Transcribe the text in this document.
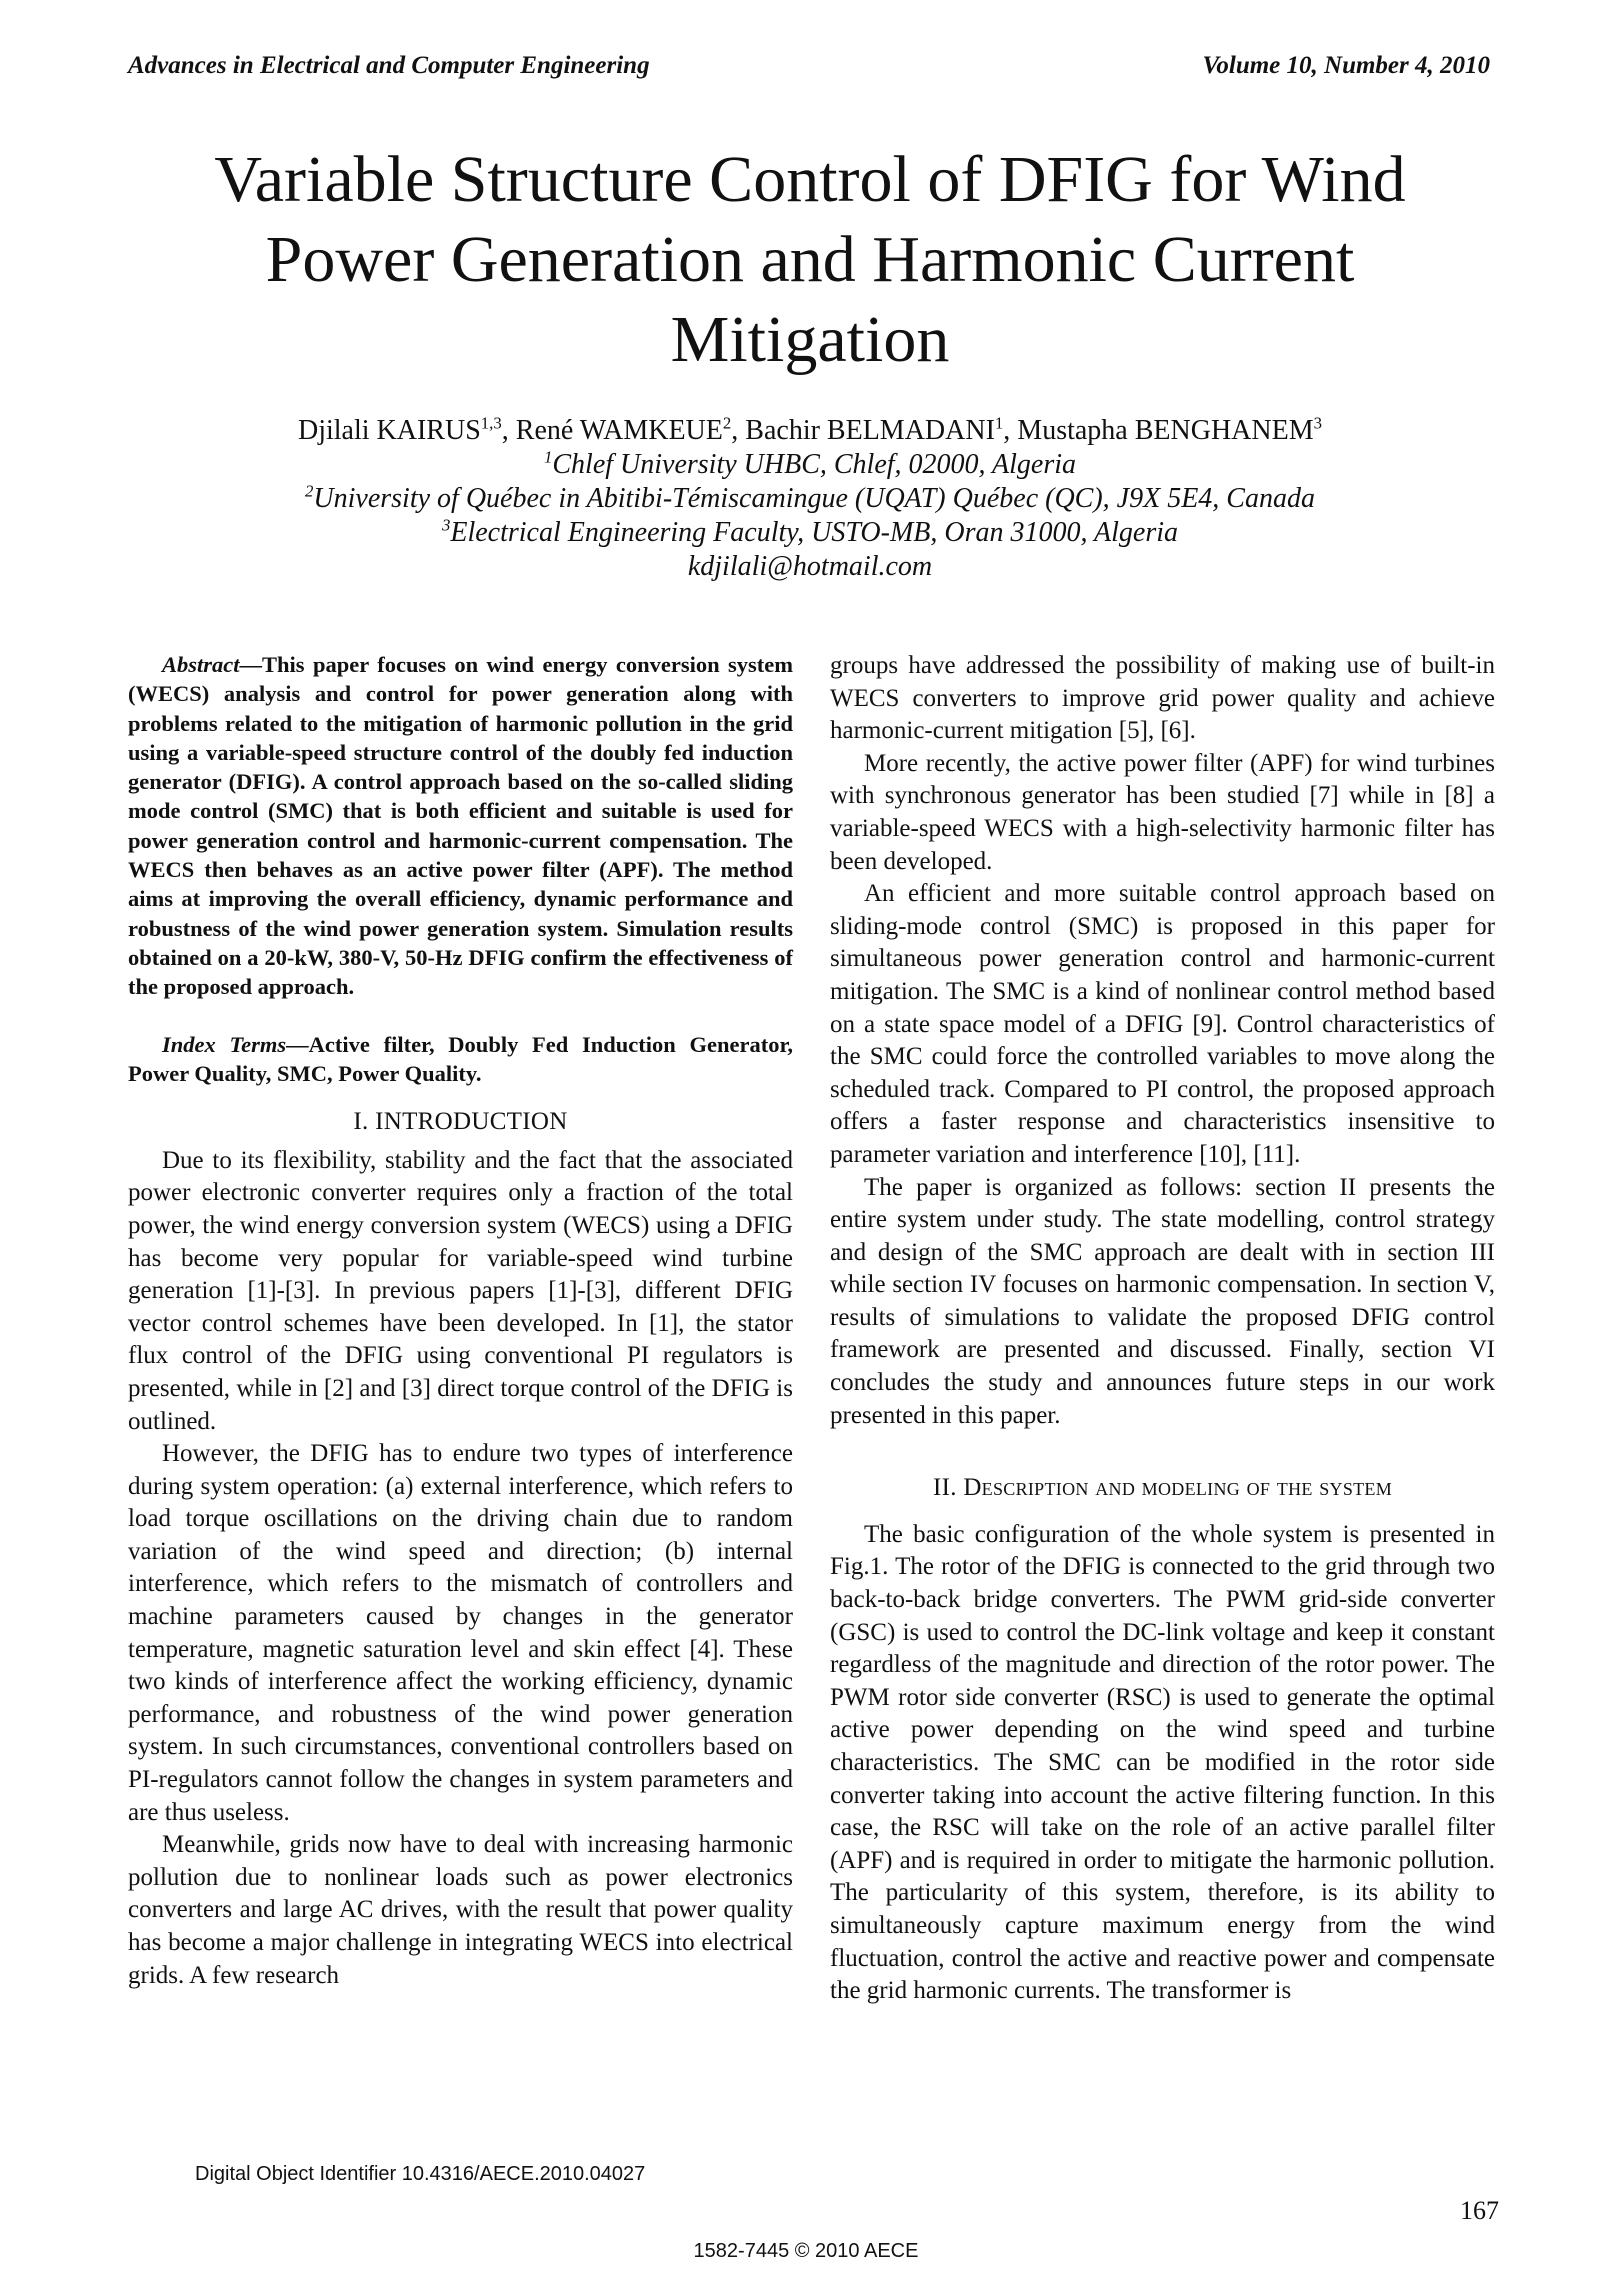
Advances in Electrical and Computer Engineering	Volume 10, Number 4, 2010
Variable Structure Control of DFIG for Wind
Power Generation and Harmonic Current
Mitigation
Djilali KAIRUS$^{1,3}$, René WAMKEUE$^2$, Bachir BELMADANI$^1$, Mustapha BENGHANEM$^3$
$^1$Chlef University UHBC, Chlef, 02000, Algeria
$^2$University of Québec in Abitibi-Témiscamingue (UQAT) Québec (QC), J9X 5E4, Canada
$^3$Electrical Engineering Faculty, USTO-MB, Oran 31000, Algeria
kdjilali@hotmail.com

Abstract—This paper focuses on wind energy conversion system (WECS) analysis and control for power generation along with problems related to the mitigation of harmonic pollution in the grid using a variable-speed structure control of the doubly fed induction generator (DFIG). A control approach based on the so-called sliding mode control (SMC) that is both efficient and suitable is used for power generation control and harmonic-current compensation. The WECS then behaves as an active power filter (APF). The method aims at improving the overall efficiency, dynamic performance and robustness of the wind power generation system. Simulation results obtained on a 20-kW, 380-V, 50-Hz DFIG confirm the effectiveness of the proposed approach.

Index Terms—Active filter, Doubly Fed Induction Generator, Power Quality, SMC, Power Quality.

I. INTRODUCTION

Due to its flexibility, stability and the fact that the associated power electronic converter requires only a fraction of the total power, the wind energy conversion system (WECS) using a DFIG has become very popular for variable-speed wind turbine generation [1]-[3]. In previous papers [1]-[3], different DFIG vector control schemes have been developed. In [1], the stator flux control of the DFIG using conventional PI regulators is presented, while in [2] and [3] direct torque control of the DFIG is outlined.

However, the DFIG has to endure two types of interference during system operation: (a) external interference, which refers to load torque oscillations on the driving chain due to random variation of the wind speed and direction; (b) internal interference, which refers to the mismatch of controllers and machine parameters caused by changes in the generator temperature, magnetic saturation level and skin effect [4]. These two kinds of interference affect the working efficiency, dynamic performance, and robustness of the wind power generation system. In such circumstances, conventional controllers based on PI-regulators cannot follow the changes in system parameters and are thus useless.

Meanwhile, grids now have to deal with increasing harmonic pollution due to nonlinear loads such as power electronics converters and large AC drives, with the result that power quality has become a major challenge in integrating WECS into electrical grids. A few research

groups have addressed the possibility of making use of built-in WECS converters to improve grid power quality and achieve harmonic-current mitigation [5], [6].

More recently, the active power filter (APF) for wind turbines with synchronous generator has been studied [7] while in [8] a variable-speed WECS with a high-selectivity harmonic filter has been developed.

An efficient and more suitable control approach based on sliding-mode control (SMC) is proposed in this paper for simultaneous power generation control and harmonic-current mitigation. The SMC is a kind of nonlinear control method based on a state space model of a DFIG [9]. Control characteristics of the SMC could force the controlled variables to move along the scheduled track. Compared to PI control, the proposed approach offers a faster response and characteristics insensitive to parameter variation and interference [10], [11].

The paper is organized as follows: section II presents the entire system under study. The state modelling, control strategy and design of the SMC approach are dealt with in section III while section IV focuses on harmonic compensation. In section V, results of simulations to validate the proposed DFIG control framework are presented and discussed. Finally, section VI concludes the study and announces future steps in our work presented in this paper.

II. Description and modeling of the system

The basic configuration of the whole system is presented in Fig.1. The rotor of the DFIG is connected to the grid through two back-to-back bridge converters. The PWM grid-side converter (GSC) is used to control the DC-link voltage and keep it constant regardless of the magnitude and direction of the rotor power. The PWM rotor side converter (RSC) is used to generate the optimal active power depending on the wind speed and turbine characteristics. The SMC can be modified in the rotor side converter taking into account the active filtering function. In this case, the RSC will take on the role of an active parallel filter (APF) and is required in order to mitigate the harmonic pollution. The particularity of this system, therefore, is its ability to simultaneously capture maximum energy from the wind fluctuation, control the active and reactive power and compensate the grid harmonic currents. The transformer is

Digital Object Identifier 10.4316/AECE.2010.04027
167
1582-7445 © 2010 AECE
